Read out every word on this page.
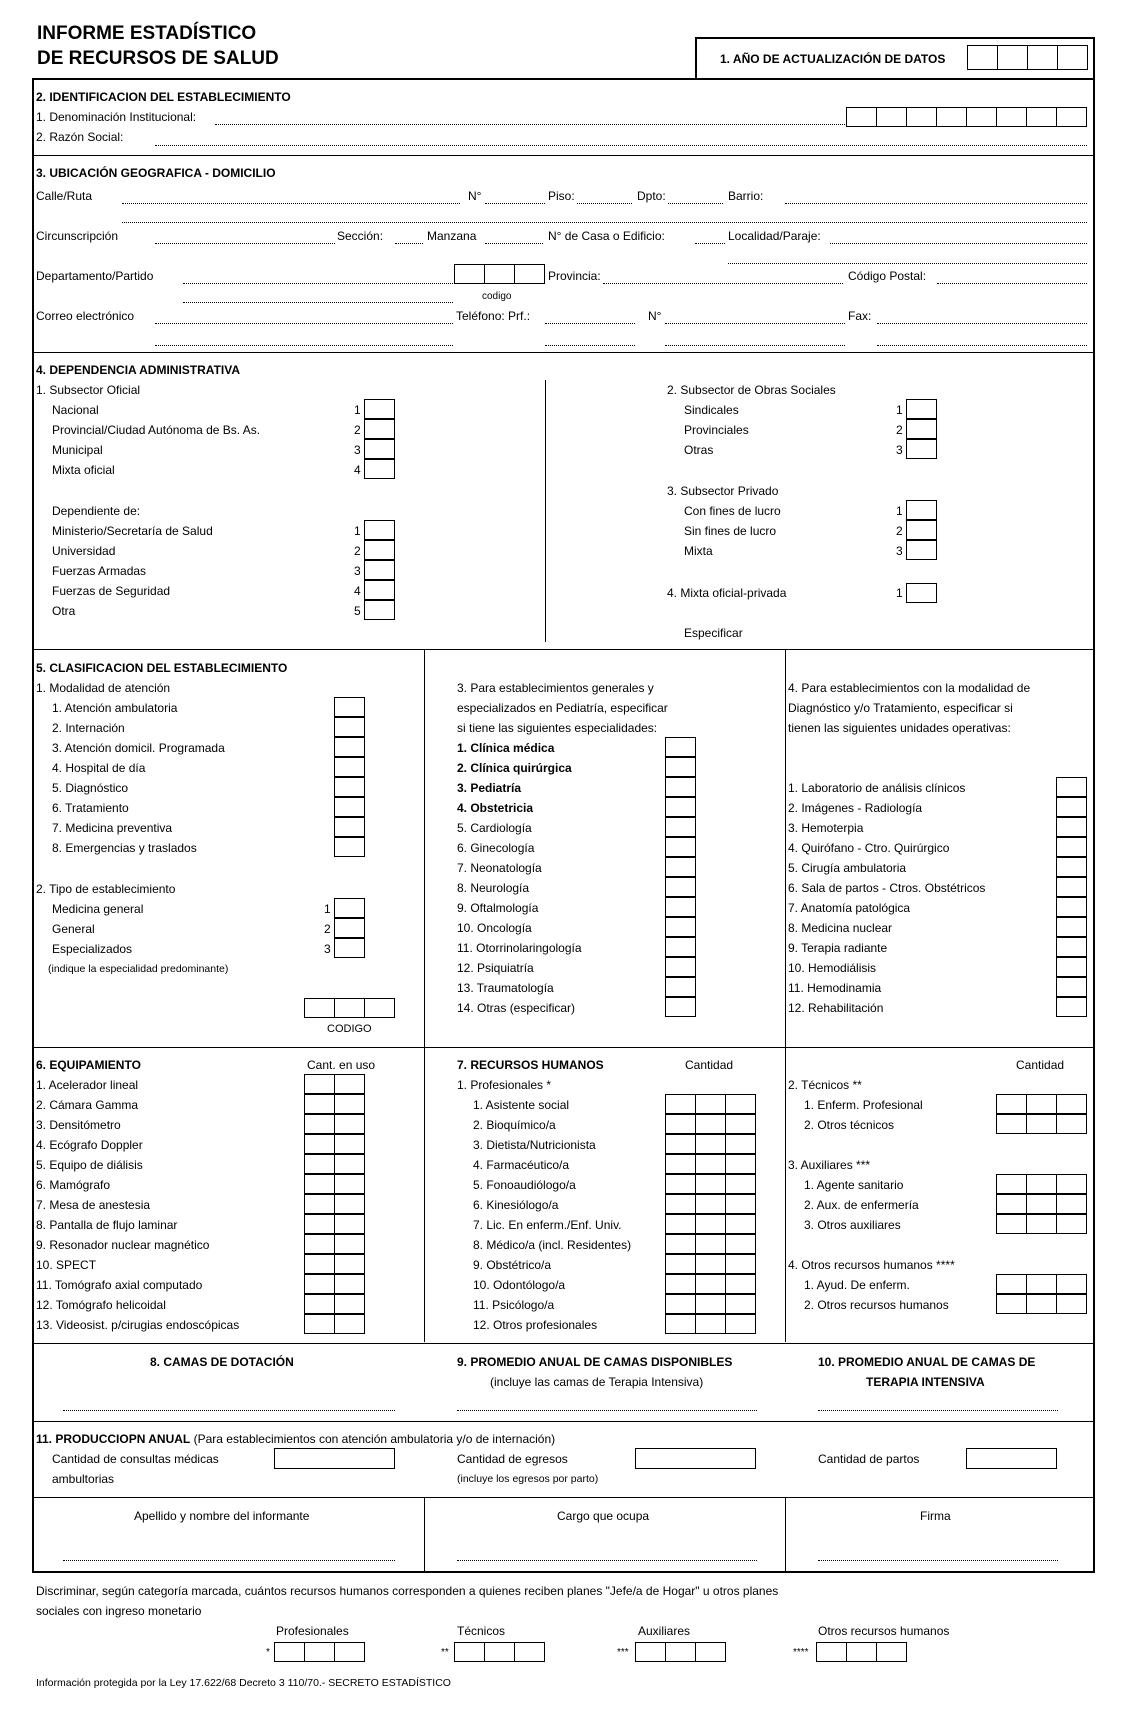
INFORME ESTADÍSTICO
DE RECURSOS DE SALUD	1. AÑO DE ACTUALIZACIÓN DE DATOS
2. IDENTIFICACION DEL ESTABLECIMIENTO
1. Denominación Institucional:
2. Razón Social:
3. UBICACIÓN GEOGRAFICA - DOMICILIO
Calle/Ruta	N°	Piso:	Dpto:	Barrio:
Circunscripción	Sección:	Manzana	N° de Casa o Edificio:	Localidad/Paraje:
Departamento/Partido
codigo
Provincia:	Código Postal:
Correo electrónico	Teléfono: Prf.:	N°	Fax:
4. DEPENDENCIA ADMINISTRATIVA
1. Subsector Oficial
Dependiente de:
2. Subsector de Obras Sociales
3. Subsector Privado
4. Mixta oficial-privada	1
Especificar
5. CLASIFICACION DEL ESTABLECIMIENTO
1. Modalidad de atención
2. Tipo de establecimiento
(indique la especialidad predominante)
CODIGO
6. EQUIPAMIENTO	Cant. en uso	7. RECURSOS HUMANOS	Cantidad
1. Profesionales *
Cantidad
2. Técnicos **
3. Auxiliares ***
4. Otros recursos humanos ****
8. CAMAS DE DOTACIÓN	9. PROMEDIO ANUAL DE CAMAS DISPONIBLES
(incluye las camas de Terapia Intensiva)
10. PROMEDIO ANUAL DE CAMAS DE
TERAPIA INTENSIVA
11. PRODUCCIOPN ANUAL (Para establecimientos con atención ambulatoria y/o de internación)
Cantidad de consultas médicas
ambultorias
Cantidad de egresos
(incluye los egresos por parto)
Cantidad de partos
Apellido y nombre del informante	Cargo que ocupa	Firma
Discriminar, según categoría marcada, cuántos recursos humanos corresponden a quienes reciben planes "Jefe/a de Hogar" u otros planes
sociales con ingreso monetario
Información protegida por la Ley 17.622/68 Decreto 3 110/70.- SECRETO ESTADÍSTICO
Nacional	1
Provincial/Ciudad Autónoma de Bs. As.	2
Municipal	3
Mixta oficial	4
Ministerio/Secretaría de Salud	1
Universidad	2
Fuerzas Armadas	3
Fuerzas de Seguridad	4
Otra	5
Sindicales	1
Provinciales	2
Otras	3
Con fines de lucro	1
Sin fines de lucro	2
Mixta	3
1. Atención ambulatoria
2. Internación
3. Atención domicil. Programada
4. Hospital de día
5. Diagnóstico
6. Tratamiento
7. Medicina preventiva
8. Emergencias y traslados
Medicina general	1
General	2
Especializados	3
3. Para establecimientos generales y
especializados en Pediatría, especificar
si tiene las siguientes especialidades:
1. Clínica médica
2. Clínica quirúrgica
3. Pediatría
4. Obstetricia
5. Cardiología
6. Ginecología
7. Neonatología
8. Neurología
9. Oftalmología
10. Oncología
11. Otorrinolaringología
12. Psiquiatría
13. Traumatología
14. Otras (especificar)
4. Para establecimientos con la modalidad de
Diagnóstico y/o Tratamiento, especificar si
tienen las siguientes unidades operativas:
1. Laboratorio de análisis clínicos
2. Imágenes - Radiología
3. Hemoterpia
4. Quirófano - Ctro. Quirúrgico
5. Cirugía ambulatoria
6. Sala de partos - Ctros. Obstétricos
7. Anatomía patológica
8. Medicina nuclear
9. Terapia radiante
10. Hemodiálisis
11. Hemodinamia
12. Rehabilitación
1. Acelerador lineal
2. Cámara Gamma
3. Densitómetro
4. Ecógrafo Doppler
5. Equipo de diálisis
6. Mamógrafo
7. Mesa de anestesia
8. Pantalla de flujo laminar
9. Resonador nuclear magnético
10. SPECT
11. Tomógrafo axial computado
12. Tomógrafo helicoidal
13. Videosist. p/cirugias endoscópicas
1. Asistente social
2. Bioquímico/a
3. Dietista/Nutricionista
4. Farmacéutico/a
5. Fonoaudiólogo/a
6. Kinesiólogo/a
7. Lic. En enferm./Enf. Univ.
8. Médico/a (incl. Residentes)
9. Obstétrico/a
10. Odontólogo/a
11. Psicólogo/a
12. Otros profesionales
1. Enferm. Profesional
2. Otros técnicos
1. Agente sanitario
2. Aux. de enfermería
3. Otros auxiliares
1. Ayud. De enferm.
2. Otros recursos humanos
Profesionales
*
Técnicos
**
Auxiliares
***
Otros recursos humanos
****
